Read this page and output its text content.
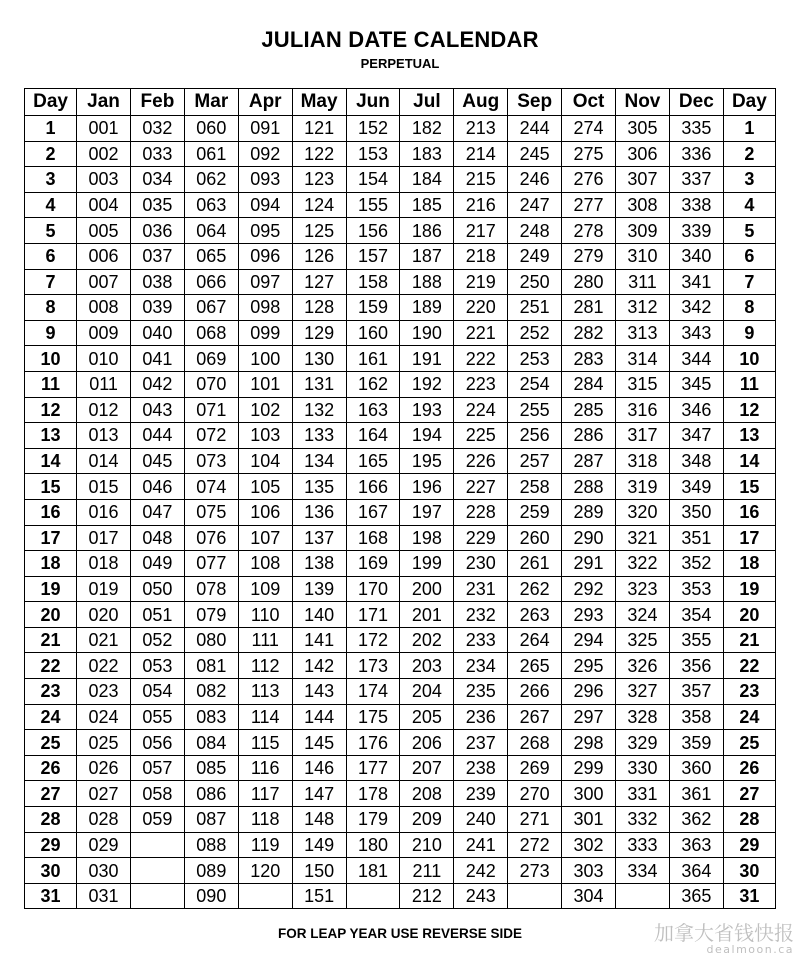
JULIAN DATE CALENDAR
PERPETUAL
Day	Jan	Feb	Mar	Apr	May	Jun	Jul	Aug	Sep	Oct	Nov	Dec	Day
1	001	032	060	091	121	152	182	213	244	274	305	335	1
2	002	033	061	092	122	153	183	214	245	275	306	336	2
3	003	034	062	093	123	154	184	215	246	276	307	337	3
4	004	035	063	094	124	155	185	216	247	277	308	338	4
5	005	036	064	095	125	156	186	217	248	278	309	339	5
6	006	037	065	096	126	157	187	218	249	279	310	340	6
7	007	038	066	097	127	158	188	219	250	280	311	341	7
8	008	039	067	098	128	159	189	220	251	281	312	342	8
9	009	040	068	099	129	160	190	221	252	282	313	343	9
10	010	041	069	100	130	161	191	222	253	283	314	344	10
11	011	042	070	101	131	162	192	223	254	284	315	345	11
12	012	043	071	102	132	163	193	224	255	285	316	346	12
13	013	044	072	103	133	164	194	225	256	286	317	347	13
14	014	045	073	104	134	165	195	226	257	287	318	348	14
15	015	046	074	105	135	166	196	227	258	288	319	349	15
16	016	047	075	106	136	167	197	228	259	289	320	350	16
17	017	048	076	107	137	168	198	229	260	290	321	351	17
18	018	049	077	108	138	169	199	230	261	291	322	352	18
19	019	050	078	109	139	170	200	231	262	292	323	353	19
20	020	051	079	110	140	171	201	232	263	293	324	354	20
21	021	052	080	111	141	172	202	233	264	294	325	355	21
22	022	053	081	112	142	173	203	234	265	295	326	356	22
23	023	054	082	113	143	174	204	235	266	296	327	357	23
24	024	055	083	114	144	175	205	236	267	297	328	358	24
25	025	056	084	115	145	176	206	237	268	298	329	359	25
26	026	057	085	116	146	177	207	238	269	299	330	360	26
27	027	058	086	117	147	178	208	239	270	300	331	361	27
28	028	059	087	118	148	179	209	240	271	301	332	362	28
29	029		088	119	149	180	210	241	272	302	333	363	29
30	030		089	120	150	181	211	242	273	303	334	364	30
31	031		090		151		212	243		304		365	31
FOR LEAP YEAR USE REVERSE SIDE	加拿大省钱快报
dealmoon.ca
